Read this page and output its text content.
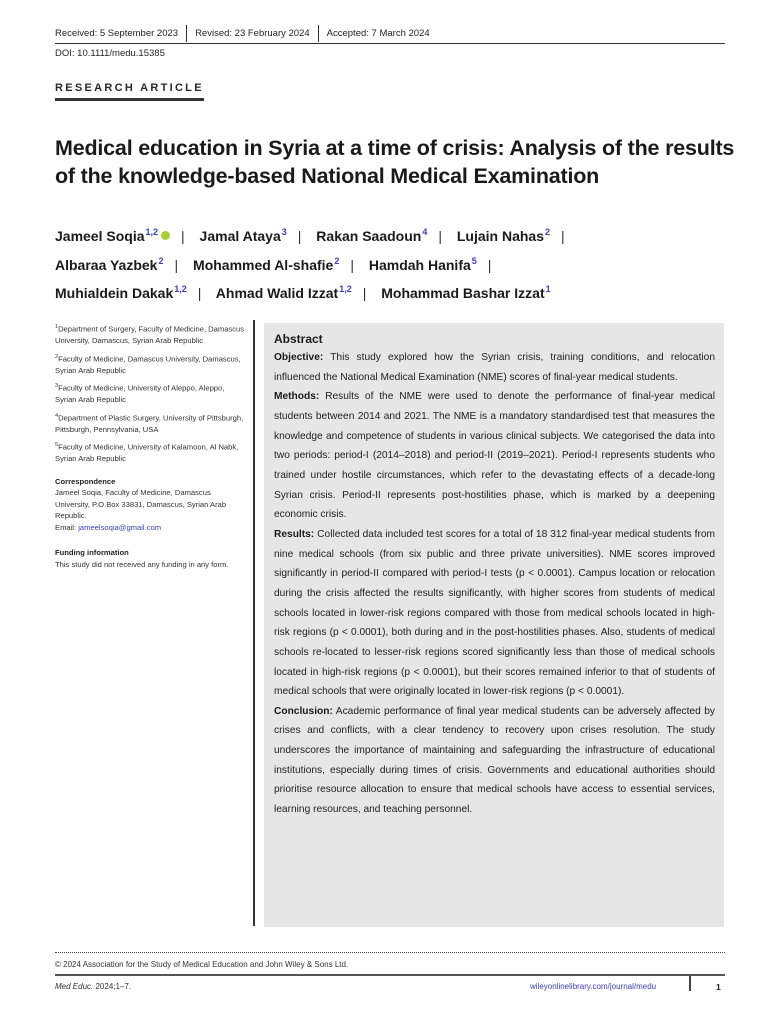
Received: 5 September 2023	Revised: 23 February 2024	Accepted: 7 March 2024
DOI: 10.1111/medu.15385
RESEARCH ARTICLE
Medical education in Syria at a time of crisis: Analysis of the results of the knowledge-based National Medical Examination
Jameel Soqia$^{1,2}$ | Jamal Ataya$^3$ | Rakan Saadoun$^4$ | Lujain Nahas$^2$ |
Albaraa Yazbek$^2$ | Mohammed Al-shafie$^2$ | Hamdah Hanifa$^5$ |
Muhialdein Dakak$^{1,2}$ | Ahmad Walid Izzat$^{1,2}$ | Mohammad Bashar Izzat$^1$
$^1$Department of Surgery, Faculty of Medicine, Damascus University, Damascus, Syrian Arab Republic
$^2$Faculty of Medicine, Damascus University, Damascus, Syrian Arab Republic
$^3$Faculty of Medicine, University of Aleppo, Aleppo, Syrian Arab Republic
$^4$Department of Plastic Surgery, University of Pittsburgh, Pittsburgh, Pennsylvania, USA
$^5$Faculty of Medicine, University of Kalamoon, Al Nabk, Syrian Arab Republic
Correspondence
Jameel Soqia, Faculty of Medicine, Damascus University, P.O.Box 33831, Damascus, Syrian Arab Republic.
Email: jameelsoqia@gmail.com
Funding information
This study did not received any funding in any form.
Abstract

Objective: This study explored how the Syrian crisis, training conditions, and relocation influenced the National Medical Examination (NME) scores of final-year medical students.

Methods: Results of the NME were used to denote the performance of final-year medical students between 2014 and 2021. The NME is a mandatory standardised test that measures the knowledge and competence of students in various clinical subjects. We categorised the data into two periods: period-I (2014–2018) and period-II (2019–2021). Period-I represents students who trained under hostile circumstances, which refer to the devastating effects of a decade-long Syrian crisis. Period-II represents post-hostilities phase, which is marked by a deepening economic crisis.

Results: Collected data included test scores for a total of 18 312 final-year medical students from nine medical schools (from six public and three private universities). NME scores improved significantly in period-II compared with period-I tests (p < 0.0001). Campus location or relocation during the crisis affected the results significantly, with higher scores from students of medical schools located in lower-risk regions compared with those from medical schools located in high-risk regions (p < 0.0001), both during and in the post-hostilities phases. Also, students of medical schools re-located to lesser-risk regions scored significantly less than those of medical schools located in high-risk regions (p < 0.0001), but their scores remained inferior to that of students of medical schools that were originally located in lower-risk regions (p < 0.0001).

Conclusion: Academic performance of final year medical students can be adversely affected by crises and conflicts, with a clear tendency to recovery upon crises resolution. The study underscores the importance of maintaining and safeguarding the infrastructure of educational institutions, especially during times of crisis. Governments and educational authorities should prioritise resource allocation to ensure that medical schools have access to essential services, learning resources, and teaching personnel.

© 2024 Association for the Study of Medical Education and John Wiley & Sons Ltd.
Med Educ. 2024;1–7.	wileyonlinelibrary.com/journal/medu	1
